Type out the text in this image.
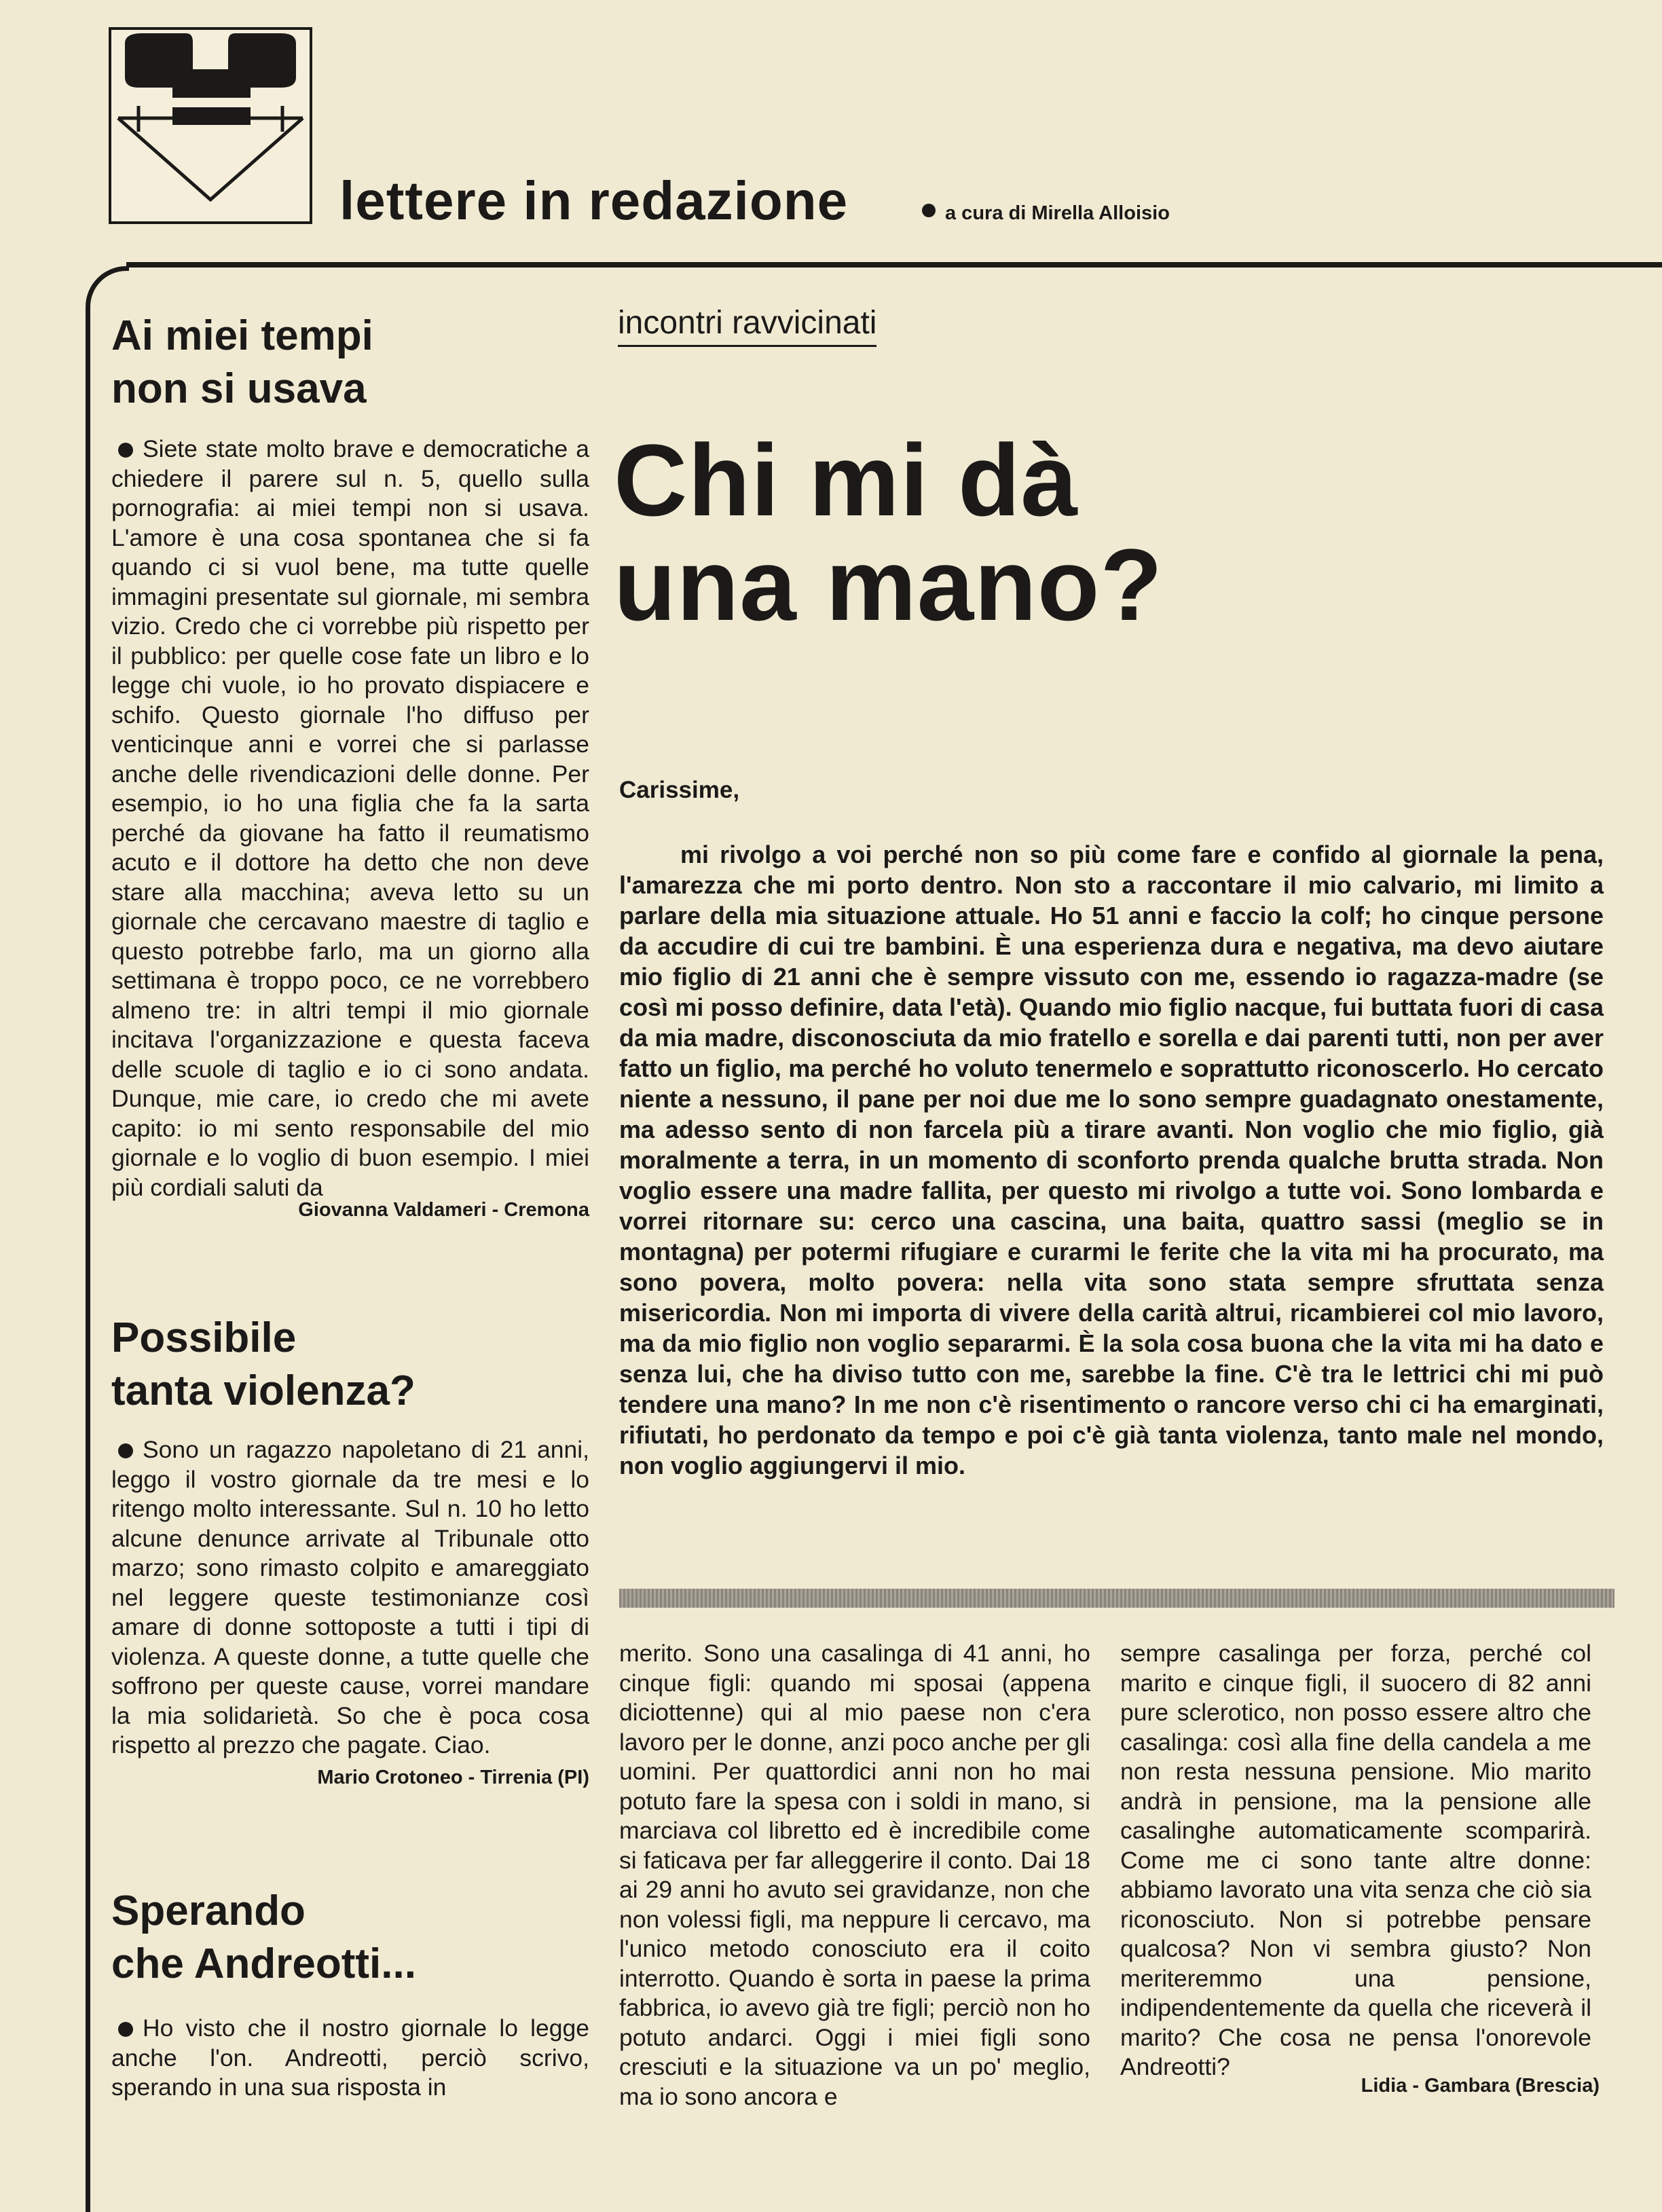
lettere in redazione	a cura di Mirella Alloisio
Ai miei tempi
non si usava

Siete state molto brave e democratiche a chiedere il parere sul n. 5, quello sulla pornografia: ai miei tempi non si usava. L'amore è una cosa spontanea che si fa quando ci si vuol bene, ma tutte quelle immagini presentate sul giornale, mi sembra vizio. Credo che ci vorrebbe più rispetto per il pubblico: per quelle cose fate un libro e lo legge chi vuole, io ho provato dispiacere e schifo. Questo giornale l'ho diffuso per venticinque anni e vorrei che si parlasse anche delle rivendicazioni delle donne. Per esempio, io ho una figlia che fa la sarta perché da giovane ha fatto il reumatismo acuto e il dottore ha detto che non deve stare alla macchina; aveva letto su un giornale che cercavano maestre di taglio e questo potrebbe farlo, ma un giorno alla settimana è troppo poco, ce ne vorrebbero almeno tre: in altri tempi il mio giornale incitava l'organizzazione e questa faceva delle scuole di taglio e io ci sono andata. Dunque, mie care, io credo che mi avete capito: io mi sento responsabile del mio giornale e lo voglio di buon esempio. I miei più cordiali saluti da

Giovanna Valdameri - Cremona
Possibile
tanta violenza?

Sono un ragazzo napoletano di 21 anni, leggo il vostro giornale da tre mesi e lo ritengo molto interessante. Sul n. 10 ho letto alcune denunce arrivate al Tribunale otto marzo; sono rimasto colpito e amareggiato nel leggere queste testimonianze così amare di donne sottoposte a tutti i tipi di violenza. A queste donne, a tutte quelle che soffrono per queste cause, vorrei mandare la mia solidarietà. So che è poca cosa rispetto al prezzo che pagate. Ciao.

Mario Crotoneo - Tirrenia (PI)
Sperando
che Andreotti...

Ho visto che il nostro giornale lo legge anche l'on. Andreotti, perciò scrivo, sperando in una sua risposta in

incontri ravvicinati
Chi mi dà
una mano?
Carissime,

mi rivolgo a voi perché non so più come fare e confido al giornale la pena, l'amarezza che mi porto dentro. Non sto a raccontare il mio calvario, mi limito a parlare della mia situazione attuale. Ho 51 anni e faccio la colf; ho cinque persone da accudire di cui tre bambini. È una esperienza dura e negativa, ma devo aiutare mio figlio di 21 anni che è sempre vissuto con me, essendo io ragazza-madre (se così mi posso definire, data l'età). Quando mio figlio nacque, fui buttata fuori di casa da mia madre, disconosciuta da mio fratello e sorella e dai parenti tutti, non per aver fatto un figlio, ma perché ho voluto tenermelo e soprattutto riconoscerlo. Ho cercato niente a nessuno, il pane per noi due me lo sono sempre guadagnato onestamente, ma adesso sento di non farcela più a tirare avanti. Non voglio che mio figlio, già moralmente a terra, in un momento di sconforto prenda qualche brutta strada. Non voglio essere una madre fallita, per questo mi rivolgo a tutte voi. Sono lombarda e vorrei ritornare su: cerco una cascina, una baita, quattro sassi (meglio se in montagna) per potermi rifugiare e curarmi le ferite che la vita mi ha procurato, ma sono povera, molto povera: nella vita sono stata sempre sfruttata senza misericordia. Non mi importa di vivere della carità altrui, ricambierei col mio lavoro, ma da mio figlio non voglio separarmi. È la sola cosa buona che la vita mi ha dato e senza lui, che ha diviso tutto con me, sarebbe la fine. C'è tra le lettrici chi mi può tendere una mano? In me non c'è risentimento o rancore verso chi ci ha emarginati, rifiutati, ho perdonato da tempo e poi c'è già tanta violenza, tanto male nel mondo, non voglio aggiungervi il mio.

merito. Sono una casalinga di 41 anni, ho cinque figli: quando mi sposai (appena diciottenne) qui al mio paese non c'era lavoro per le donne, anzi poco anche per gli uomini. Per quattordici anni non ho mai potuto fare la spesa con i soldi in mano, si marciava col libretto ed è incredibile come si faticava per far alleggerire il conto. Dai 18 ai 29 anni ho avuto sei gravidanze, non che non volessi figli, ma neppure li cercavo, ma l'unico metodo conosciuto era il coito interrotto. Quando è sorta in paese la prima fabbrica, io avevo già tre figli; perciò non ho potuto andarci. Oggi i miei figli sono cresciuti e la situazione va un po' meglio, ma io sono ancora e

sempre casalinga per forza, perché col marito e cinque figli, il suocero di 82 anni pure sclerotico, non posso essere altro che casalinga: così alla fine della candela a me non resta nessuna pensione. Mio marito andrà in pensione, ma la pensione alle casalinghe automaticamente scomparirà. Come me ci sono tante altre donne: abbiamo lavorato una vita senza che ciò sia riconosciuto. Non si potrebbe pensare qualcosa? Non vi sembra giusto? Non meriteremmo una pensione, indipendentemente da quella che riceverà il marito? Che cosa ne pensa l'onorevole Andreotti?

Lidia - Gambara (Brescia)
